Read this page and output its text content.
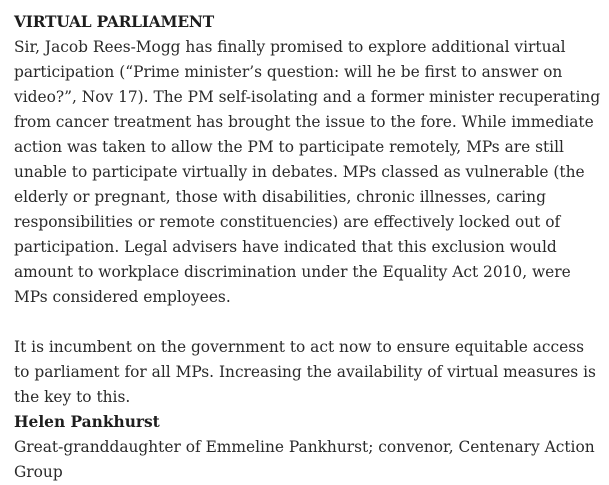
VIRTUAL PARLIAMENT

Sir, Jacob Rees-Mogg has finally promised to explore additional virtual participation (“Prime minister’s question: will he be first to answer on video?”, Nov 17). The PM self-isolating and a former minister recuperating from cancer treatment has brought the issue to the fore. While immediate action was taken to allow the PM to participate remotely, MPs are still unable to participate virtually in debates. MPs classed as vulnerable (the elderly or pregnant, those with disabilities, chronic illnesses, caring responsibilities or remote constituencies) are effectively locked out of participation. Legal advisers have indicated that this exclusion would amount to workplace discrimination under the Equality Act 2010, were MPs considered employees.

It is incumbent on the government to act now to ensure equitable access to parliament for all MPs. Increasing the availability of virtual measures is the key to this.

Helen Pankhurst

Great-granddaughter of Emmeline Pankhurst; convenor, Centenary Action Group
